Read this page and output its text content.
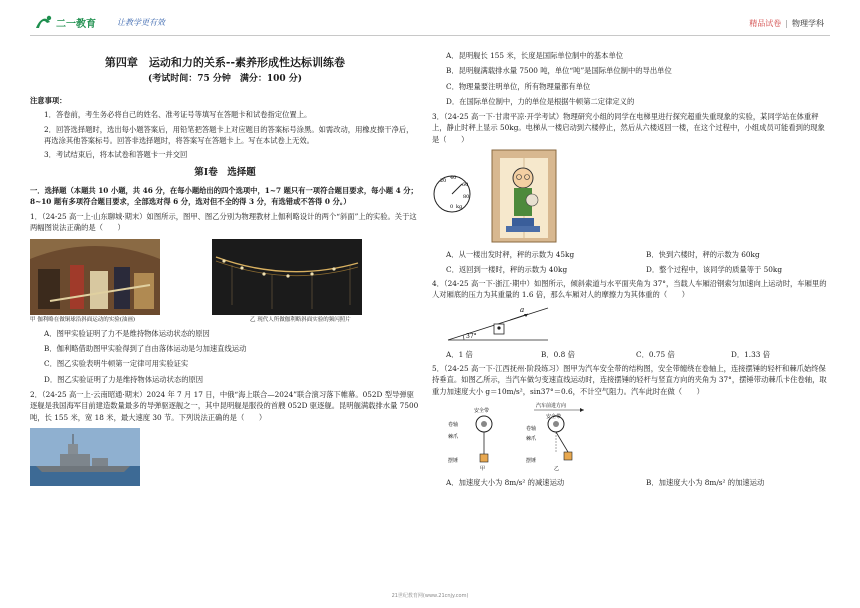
二一教育	让教学更有效	精品试卷 | 物理学科
第四章　运动和力的关系--素养形成性达标训练卷
(考试时间：75 分钟　满分：100 分)
注意事项：
1．答卷前，考生务必将自己的姓名、准考证号等填写在答题卡和试卷指定位置上。
2．回答选择题时，选出每小题答案后，用铅笔把答题卡上对应题目的答案标号涂黑。如需改动，用橡皮擦干净后，再选涂其他答案标号。回答非选择题时，将答案写在答题卡上。写在本试卷上无效。
3．考试结束后，将本试卷和答题卡一并交回
第Ⅰ卷　选择题
一．选择题（本题共 10 小题，共 46 分，在每小题给出的四个选项中，1~7 题只有一项符合题目要求，每小题 4 分；8~10 题有多项符合题目要求，全部选对得 6 分，选对但不全的得 3 分，有选错或不答得 0 分。）
1．（24-25 高一上·山东聊城·期末）如图所示，图甲、图乙分别为物理教材上伽利略设计的两个“斜面”上的实验。关于这两幅图说法正确的是（　　）
甲 伽利略在做铜球沿斜面运动的实验(油画)	乙 现代人所做伽利略斜面实验的频闪照片
A．图甲实验证明了力不是维持物体运动状态的原因
B．伽利略借助图甲实验得到了自由落体运动是匀加速直线运动
C．图乙实验表明牛顿第一定律可用实验证实
D．图乙实验证明了力是维持物体运动状态的原因
2．（24-25 高一上·云南昭通·期末）2024 年 7 月 17 日，中俄“海上联合—2024”联合演习落下帷幕。052D 型导弹驱逐舰是我国海军目前建造数量最多的导弹驱逐舰之一，其中昆明舰是服役的首艘 052D 驱逐舰。昆明舰满载排水量 7500 吨，长 155 米，宽 18 米，最大速度 30 节。下列说法正确的是（　　）
A．昆明舰长 155 米，长度是国际单位制中的基本单位
B．昆明舰满载排水量 7500 吨，单位“吨”是国际单位制中的导出单位
C．物理量要注明单位，所有物理量都有单位
D．在国际单位制中，力的单位是根据牛顿第二定律定义的
3．（24-25 高一下·甘肃平凉·开学考试）物理研究小组的同学在电梯里进行探究超重失重现象的实验，某同学站在体重秤上，静止时秤上显示 50kg。电梯从一楼启动到六楼停止，然后从六楼返回一楼，在这个过程中，小组成员可能看到的现象是（　　）
20 40
60
80
0 kg
A．从一楼出发时秤，秤的示数为 45kg	B．快到六楼时，秤的示数为 60kg
C．返回到一楼时，秤的示数为 40kg	D．整个过程中，该同学的质量等于 50kg
4．（24-25 高一下·浙江·期中）如图所示，倾斜索道与水平面夹角为 37°，当载人车厢沿钢索匀加速向上运动时，车厢里的人对厢底的压力为其重量的 1.6 倍，那么车厢对人的摩擦力为其体重的（　　）
37°
a
A．1 倍	B．0.8 倍	C．0.75 倍	D．1.33 倍
5．（24-25 高一下·江西抚州·阶段练习）图甲为汽车安全带的结构图，安全带缠绕在卷轴上，连接摆锤的轻杆和棘爪始终保持垂直。如图乙所示，当汽车做匀变速直线运动时，连接摆锤的轻杆与竖直方向的夹角为 37°，摆锤带动棘爪卡住卷轴，取重力加速度大小 g＝10m/s²，sin37°＝0.6，不计空气阻力。汽车此时在做（　　）
汽车前进方向
安全带
卷轴
棘爪
摆锤
甲
安全带
卷轴
棘爪
摆锤
乙
A．加速度大小为 8m/s² 的减速运动	B．加速度大小为 8m/s² 的加速运动
21世纪教育网(www.21cnjy.com)
